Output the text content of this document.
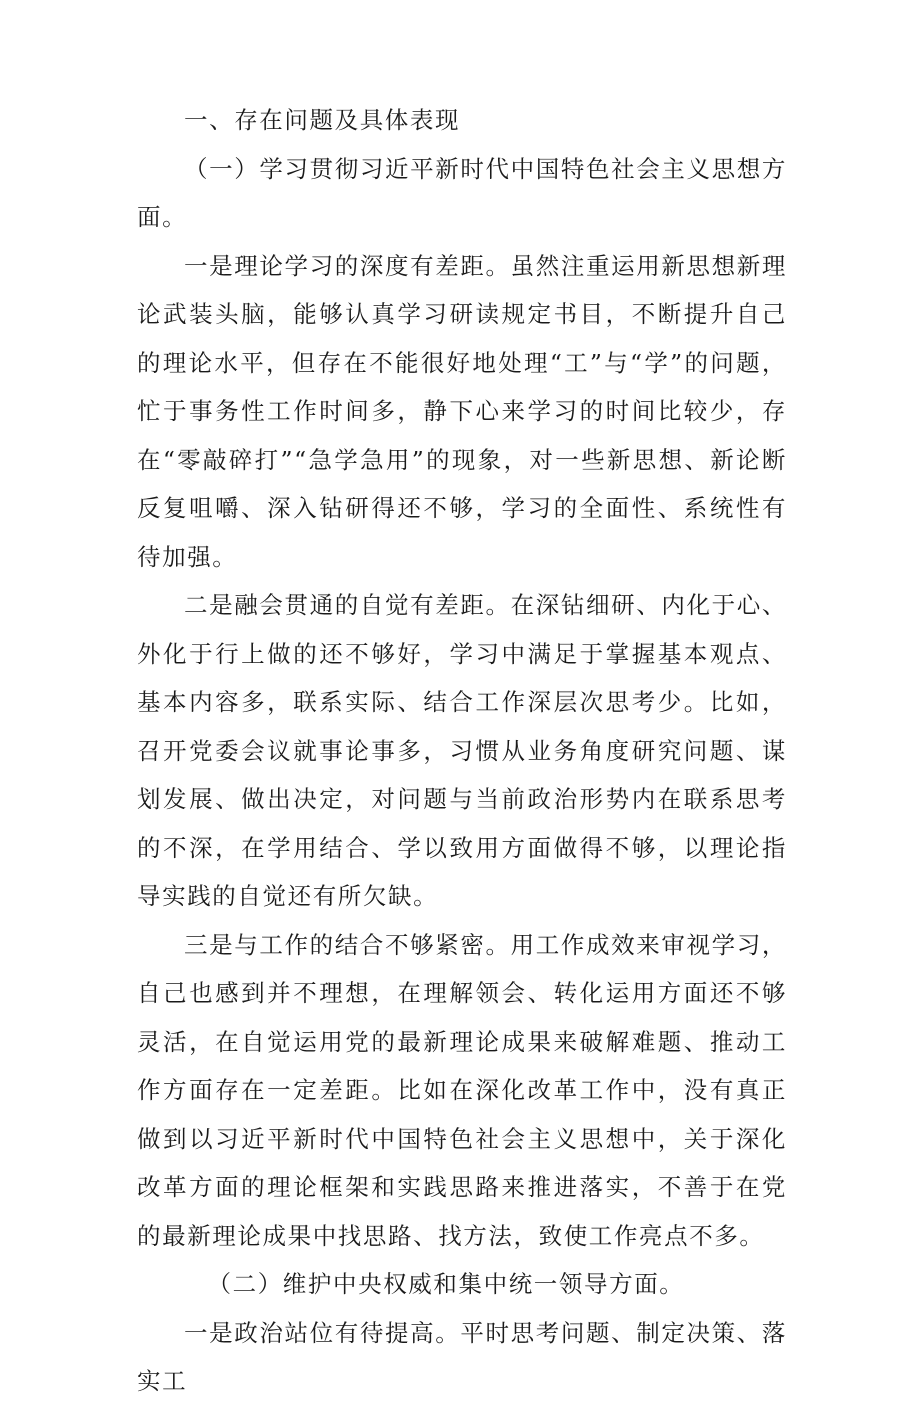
一、存在问题及具体表现

（一）学习贯彻习近平新时代中国特色社会主义思想方面。

一是理论学习的深度有差距。虽然注重运用新思想新理论武装头脑，能够认真学习研读规定书目，不断提升自己的理论水平，但存在不能很好地处理“工”与“学”的问题，忙于事务性工作时间多，静下心来学习的时间比较少，存在“零敲碎打”“急学急用”的现象，对一些新思想、新论断反复咀嚼、深入钻研得还不够，学习的全面性、系统性有待加强。

二是融会贯通的自觉有差距。在深钻细研、内化于心、外化于行上做的还不够好，学习中满足于掌握基本观点、基本内容多，联系实际、结合工作深层次思考少。比如，召开党委会议就事论事多，习惯从业务角度研究问题、谋划发展、做出决定，对问题与当前政治形势内在联系思考的不深，在学用结合、学以致用方面做得不够，以理论指导实践的自觉还有所欠缺。

三是与工作的结合不够紧密。用工作成效来审视学习，自己也感到并不理想，在理解领会、转化运用方面还不够灵活，在自觉运用党的最新理论成果来破解难题、推动工作方面存在一定差距。比如在深化改革工作中，没有真正做到以习近平新时代中国特色社会主义思想中，关于深化改革方面的理论框架和实践思路来推进落实，不善于在党的最新理论成果中找思路、找方法，致使工作亮点不多。

（二）维护中央权威和集中统一领导方面。

一是政治站位有待提高。平时思考问题、制定决策、落实工
